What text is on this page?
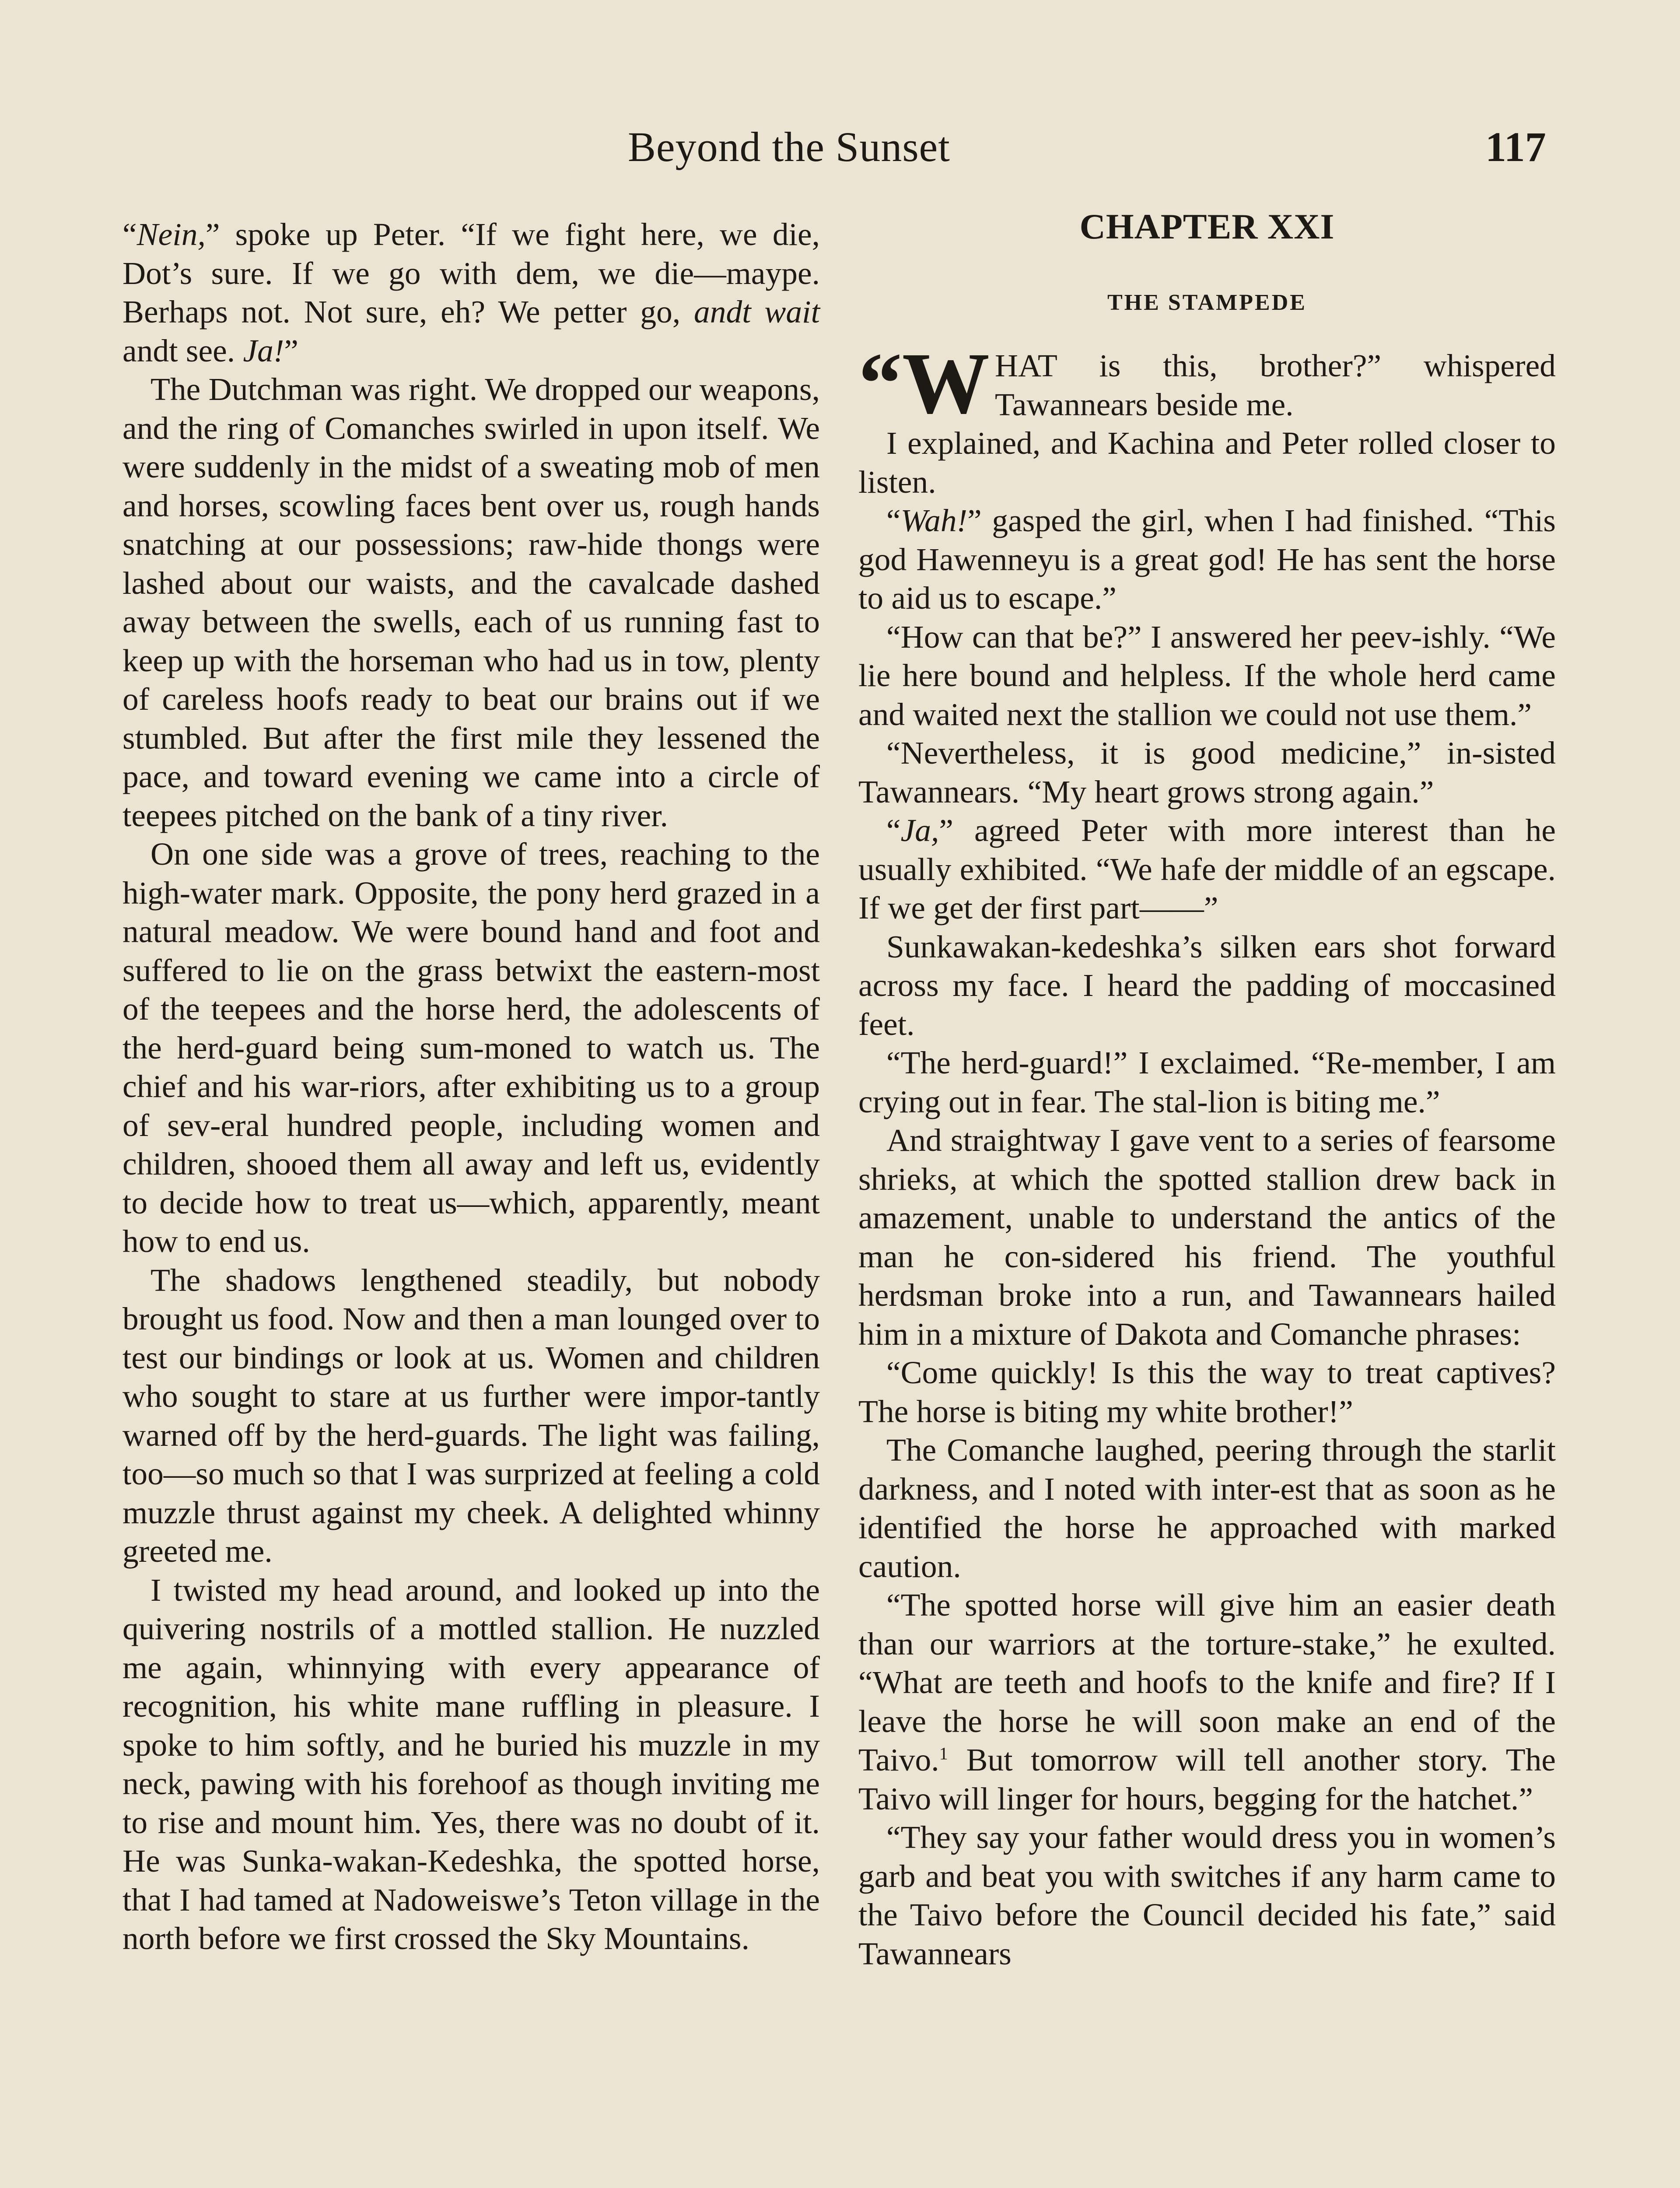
Beyond the Sunset	117

“Nein,” spoke up Peter. “If we fight here, we die, Dot’s sure. If we go with dem, we die—maype. Berhaps not. Not sure, eh? We petter go, andt wait andt see. Ja!”

The Dutchman was right. We dropped our weapons, and the ring of Comanches swirled in upon itself. We were suddenly in the midst of a sweating mob of men and horses, scowling faces bent over us, rough hands snatching at our possessions; raw-hide thongs were lashed about our waists, and the cavalcade dashed away between the swells, each of us running fast to keep up with the horseman who had us in tow, plenty of careless hoofs ready to beat our brains out if we stumbled. But after the first mile they lessened the pace, and toward evening we came into a circle of teepees pitched on the bank of a tiny river.

On one side was a grove of trees, reaching to the high-water mark. Opposite, the pony herd grazed in a natural meadow. We were bound hand and foot and suffered to lie on the grass betwixt the eastern-most of the teepees and the horse herd, the adolescents of the herd-guard being sum-moned to watch us. The chief and his war-riors, after exhibiting us to a group of sev-eral hundred people, including women and children, shooed them all away and left us, evidently to decide how to treat us—which, apparently, meant how to end us.

The shadows lengthened steadily, but nobody brought us food. Now and then a man lounged over to test our bindings or look at us. Women and children who sought to stare at us further were impor-tantly warned off by the herd-guards. The light was failing, too—so much so that I was surprized at feeling a cold muzzle thrust against my cheek. A delighted whinny greeted me.

I twisted my head around, and looked up into the quivering nostrils of a mottled stallion. He nuzzled me again, whinnying with every appearance of recognition, his white mane ruffling in pleasure. I spoke to him softly, and he buried his muzzle in my neck, pawing with his forehoof as though inviting me to rise and mount him. Yes, there was no doubt of it. He was Sunka-wakan-Kedeshka, the spotted horse, that I had tamed at Nadoweiswe’s Teton village in the north before we first crossed the Sky Mountains.

CHAPTER XXI
THE STAMPEDE

“W HAT is this, brother?” whispered Tawannears beside me.

I explained, and Kachina and Peter rolled closer to listen.

“Wah!” gasped the girl, when I had finished. “This god Hawenneyu is a great god! He has sent the horse to aid us to escape.”

“How can that be?” I answered her peev-ishly. “We lie here bound and helpless. If the whole herd came and waited next the stallion we could not use them.”

“Nevertheless, it is good medicine,” in-sisted Tawannears. “My heart grows strong again.”

“Ja,” agreed Peter with more interest than he usually exhibited. “We hafe der middle of an egscape. If we get der first part——”

Sunkawakan-kedeshka’s silken ears shot forward across my face. I heard the padding of moccasined feet.

“The herd-guard!” I exclaimed. “Re-member, I am crying out in fear. The stal-lion is biting me.”

And straightway I gave vent to a series of fearsome shrieks, at which the spotted stallion drew back in amazement, unable to understand the antics of the man he con-sidered his friend. The youthful herdsman broke into a run, and Tawannears hailed him in a mixture of Dakota and Comanche phrases:

“Come quickly! Is this the way to treat captives? The horse is biting my white brother!”

The Comanche laughed, peering through the starlit darkness, and I noted with inter-est that as soon as he identified the horse he approached with marked caution.

“The spotted horse will give him an easier death than our warriors at the torture-stake,” he exulted. “What are teeth and hoofs to the knife and fire? If I leave the horse he will soon make an end of the Taivo.$^1$ But tomorrow will tell another story. The Taivo will linger for hours, begging for the hatchet.”

“They say your father would dress you in women’s garb and beat you with switches if any harm came to the Taivo before the Council decided his fate,” said Tawannears
